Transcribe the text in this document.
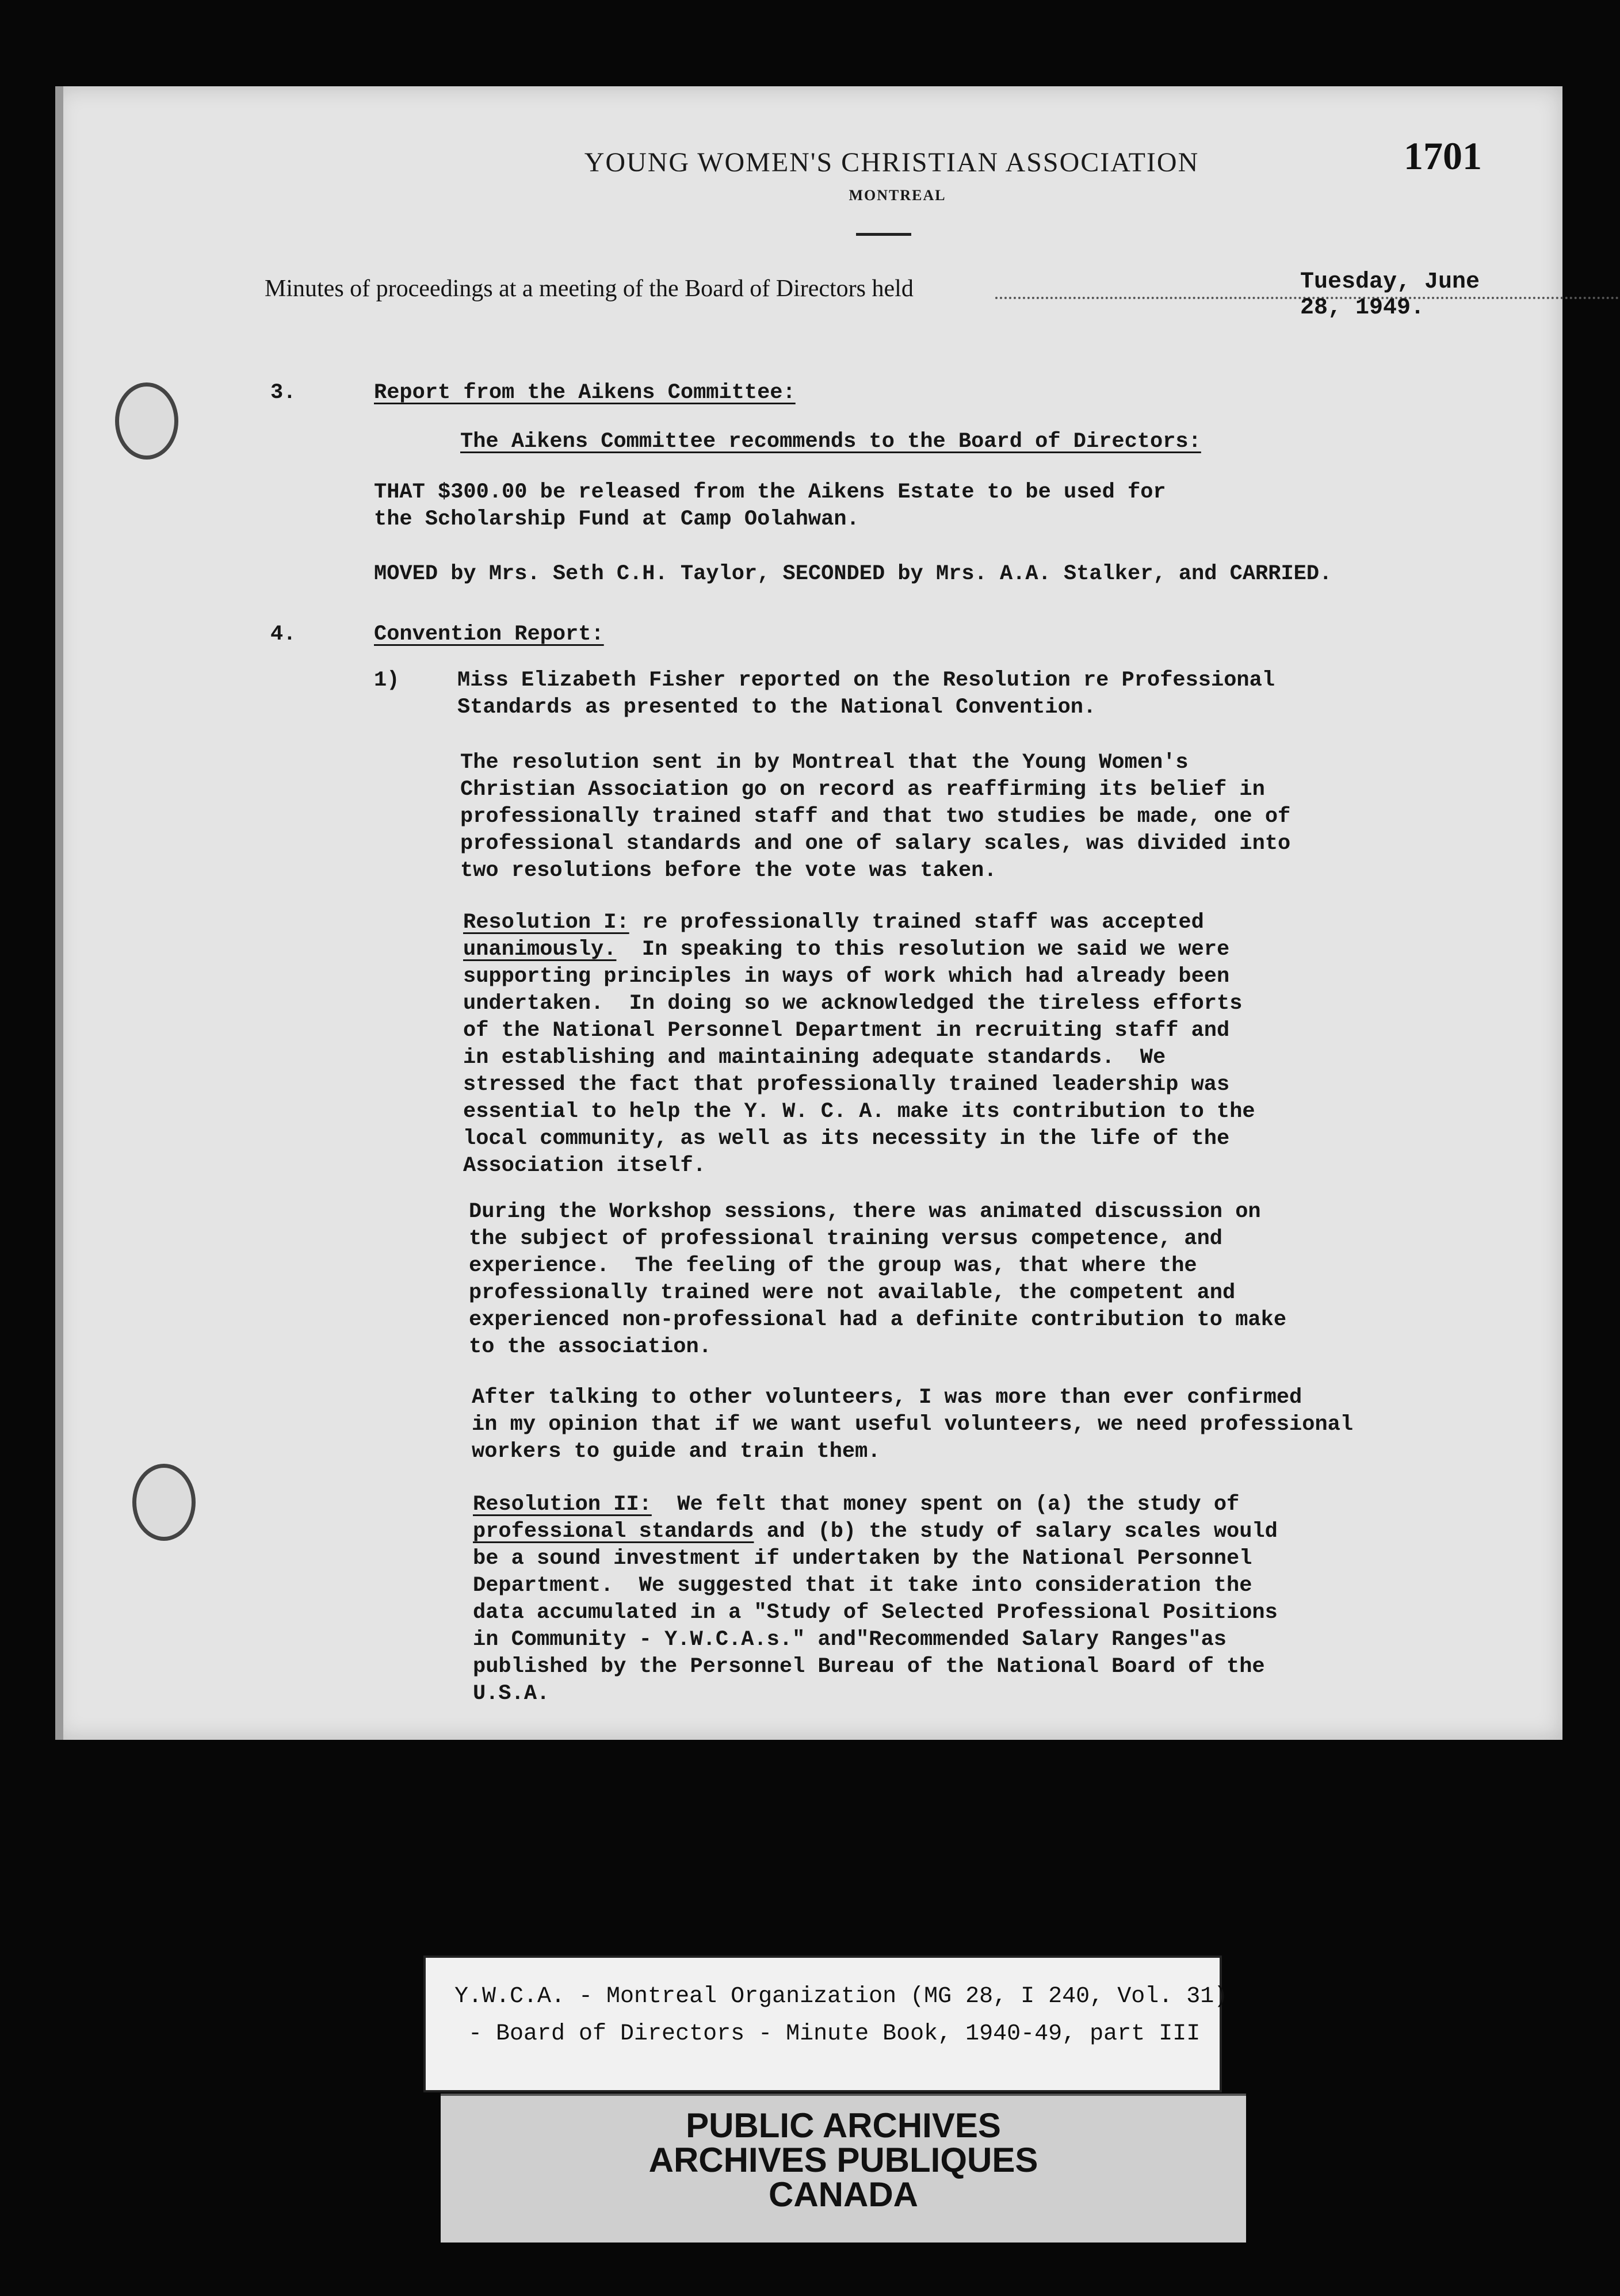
YOUNG WOMEN'S CHRISTIAN ASSOCIATION
MONTREAL
1701
Minutes of proceedings at a meeting of the Board of Directors held	Tuesday, June 28, 1949.
3.	Report from the Aikens Committee:
The Aikens Committee recommends to the Board of Directors:
THAT $300.00 be released from the Aikens Estate to be used for
the Scholarship Fund at Camp Oolahwan.
MOVED by Mrs. Seth C.H. Taylor, SECONDED by Mrs. A.A. Stalker, and CARRIED.
4.	Convention Report:
1)	Miss Elizabeth Fisher reported on the Resolution re Professional
Standards as presented to the National Convention.
The resolution sent in by Montreal that the Young Women's
Christian Association go on record as reaffirming its belief in
professionally trained staff and that two studies be made, one of
professional standards and one of salary scales, was divided into
two resolutions before the vote was taken.
Resolution I: re professionally trained staff was accepted
unanimously.  In speaking to this resolution we said we were
supporting principles in ways of work which had already been
undertaken.  In doing so we acknowledged the tireless efforts
of the National Personnel Department in recruiting staff and
in establishing and maintaining adequate standards.  We
stressed the fact that professionally trained leadership was
essential to help the Y. W. C. A. make its contribution to the
local community, as well as its necessity in the life of the
Association itself.
During the Workshop sessions, there was animated discussion on
the subject of professional training versus competence, and
experience.  The feeling of the group was, that where the
professionally trained were not available, the competent and
experienced non-professional had a definite contribution to make
to the association.
After talking to other volunteers, I was more than ever confirmed
in my opinion that if we want useful volunteers, we need professional
workers to guide and train them.
Resolution II:  We felt that money spent on (a) the study of
professional standards and (b) the study of salary scales would
be a sound investment if undertaken by the National Personnel
Department.  We suggested that it take into consideration the
data accumulated in a "Study of Selected Professional Positions
in Community - Y.W.C.A.s." and"Recommended Salary Ranges"as
published by the Personnel Bureau of the National Board of the
U.S.A.
Y.W.C.A. - Montreal Organization (MG 28, I 240, Vol. 31)
- Board of Directors - Minute Book, 1940-49, part III
PUBLIC ARCHIVES
ARCHIVES PUBLIQUES
CANADA
